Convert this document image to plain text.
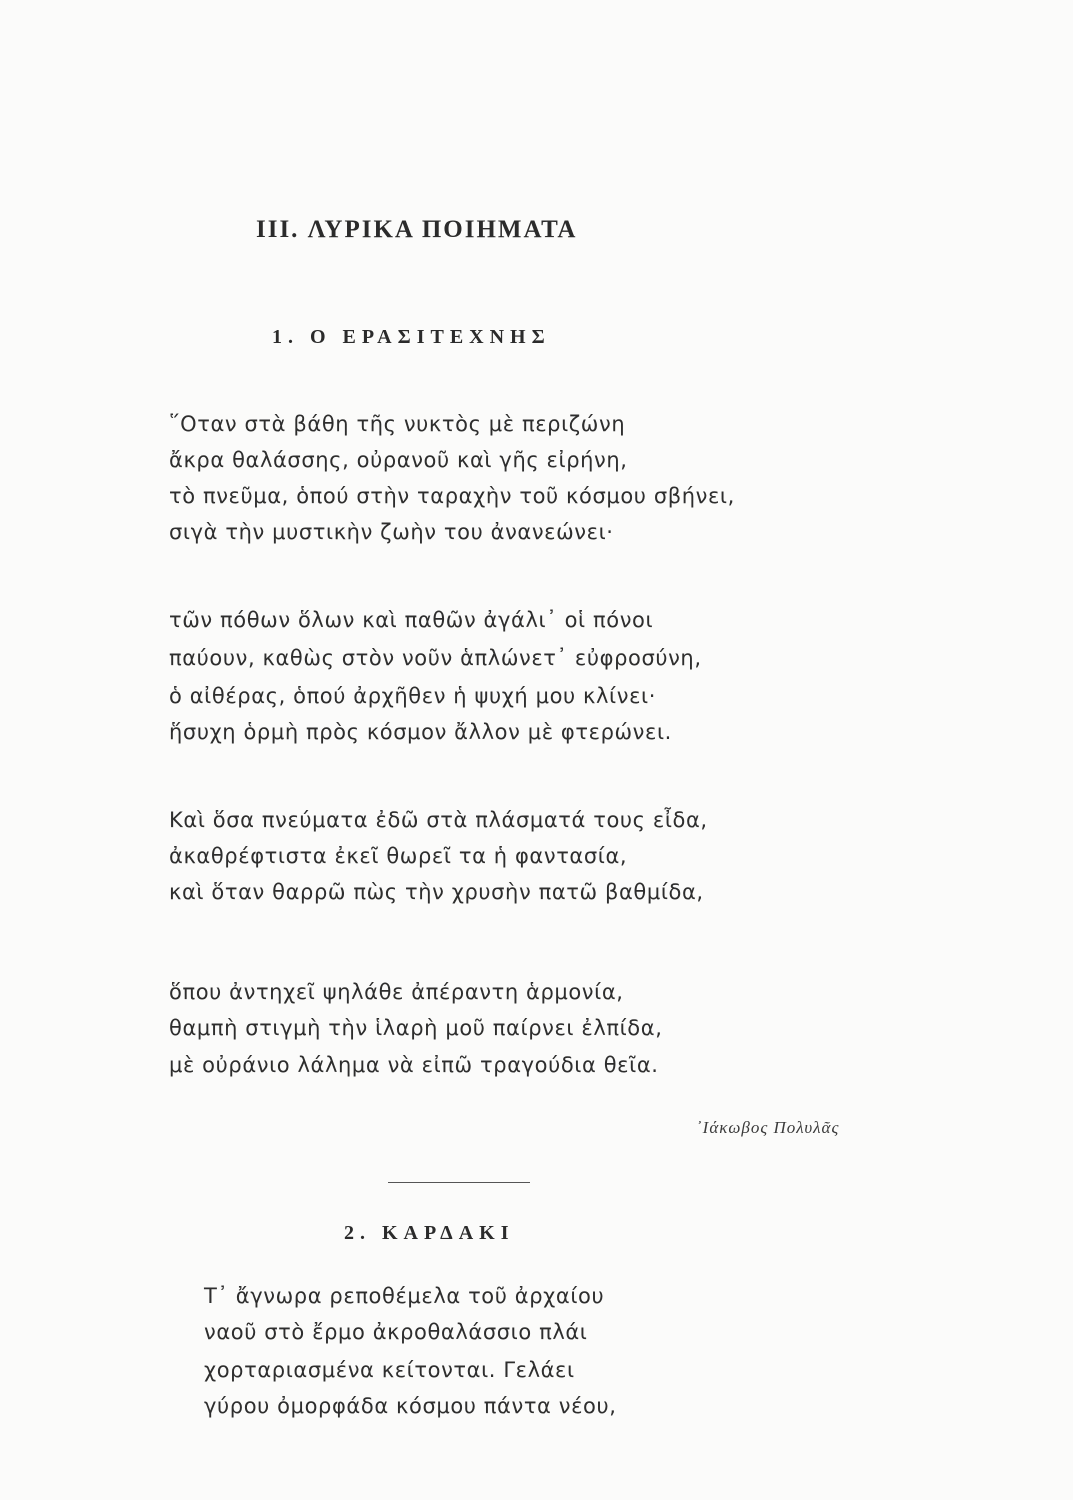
III. ΛΥΡΙΚΑ ΠΟΙΗΜΑΤΑ
1. Ο ΕΡΑΣΙΤΕΧΝΗΣ
῞Οταν στὰ βάθη τῆς νυκτὸς μὲ περιζώνη
ἄκρα θαλάσσης, οὐρανοῦ καὶ γῆς εἰρήνη,
τὸ πνεῦμα, ὁπού στὴν ταραχὴν τοῦ κόσμου σβήνει,
σιγὰ τὴν μυστικὴν ζωὴν του ἀνανεώνει·
τῶν πόθων ὅλων καὶ παθῶν ἀγάλι᾿ οἱ πόνοι
παύουν, καθὼς στὸν νοῦν ἁπλώνετ᾿ εὐφροσύνη,
ὁ αἰθέρας, ὁπού ἀρχῆθεν ἡ ψυχή μου κλίνει·
ἥσυχη ὁρμὴ πρὸς κόσμον ἄλλον μὲ φτερώνει.
Καὶ ὅσα πνεύματα ἐδῶ στὰ πλάσματά τους εἶδα,
ἀκαθρέφτιστα ἐκεῖ θωρεῖ τα ἡ φαντασία,
καὶ ὅταν θαρρῶ πὼς τὴν χρυσὴν πατῶ βαθμίδα,
ὅπου ἀντηχεῖ ψηλάθε ἀπέραντη ἁρμονία,
θαμπὴ στιγμὴ τὴν ἱλαρὴ μοῦ παίρνει ἐλπίδα,
μὲ οὐράνιο λάλημα νὰ εἰπῶ τραγούδια θεῖα.
᾿Ιάκωβος Πολυλᾶς
2. ΚΑΡΔΑΚΙ
Τ᾿ ἄγνωρα ρεποθέμελα τοῦ ἀρχαίου
ναοῦ στὸ ἔρμο ἀκροθαλάσσιο πλάι
χορταριασμένα κείτονται. Γελάει
γύρου ὀμορφάδα κόσμου πάντα νέου,
